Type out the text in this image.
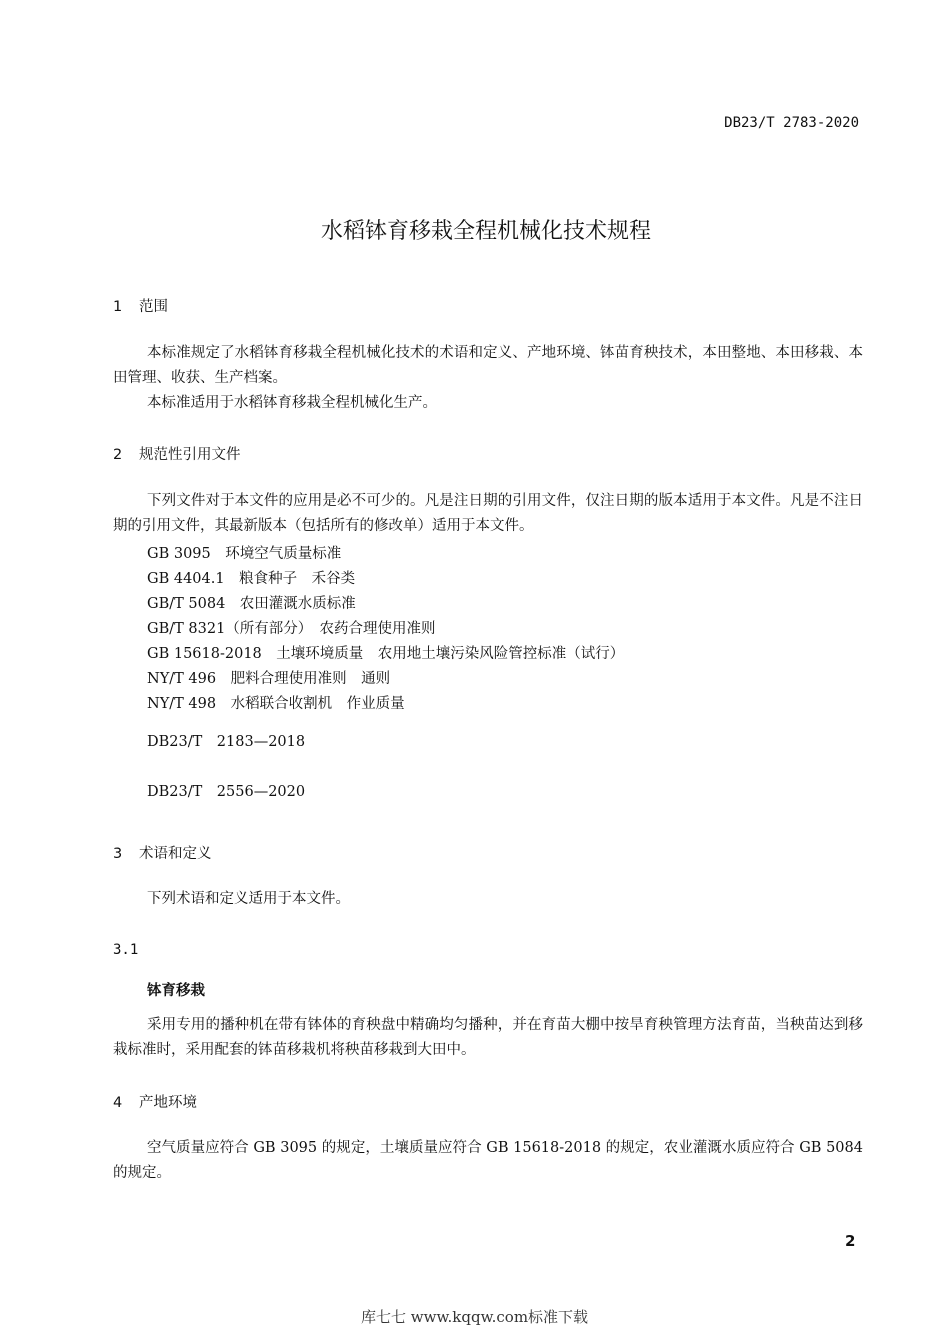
DB23/T 2783-2020
水稻钵育移栽全程机械化技术规程
1 范围
本标准规定了水稻钵育移栽全程机械化技术的术语和定义、产地环境、钵苗育秧技术，本田整地、本田移栽、本田管理、收获、生产档案。
本标准适用于水稻钵育移栽全程机械化生产。
2 规范性引用文件
下列文件对于本文件的应用是必不可少的。凡是注日期的引用文件，仅注日期的版本适用于本文件。凡是不注日期的引用文件，其最新版本（包括所有的修改单）适用于本文件。
GB 3095　环境空气质量标准
GB 4404.1　粮食种子　禾谷类
GB/T 5084　农田灌溉水质标准
GB/T 8321（所有部分）　农药合理使用准则
GB 15618-2018　土壤环境质量　农用地土壤污染风险管控标准（试行）
NY/T 496　肥料合理使用准则　通则
NY/T 498　水稻联合收割机　作业质量
DB23/T　2183—2018
DB23/T　2556—2020
3 术语和定义
下列术语和定义适用于本文件。
3.1
钵育移栽
采用专用的播种机在带有钵体的育秧盘中精确均匀播种，并在育苗大棚中按旱育秧管理方法育苗，当秧苗达到移栽标准时，采用配套的钵苗移栽机将秧苗移栽到大田中。
4 产地环境
空气质量应符合 GB 3095 的规定，土壤质量应符合 GB 15618-2018 的规定，农业灌溉水质应符合 GB 5084 的规定。
2
库七七 www.kqqw.com标准下载
